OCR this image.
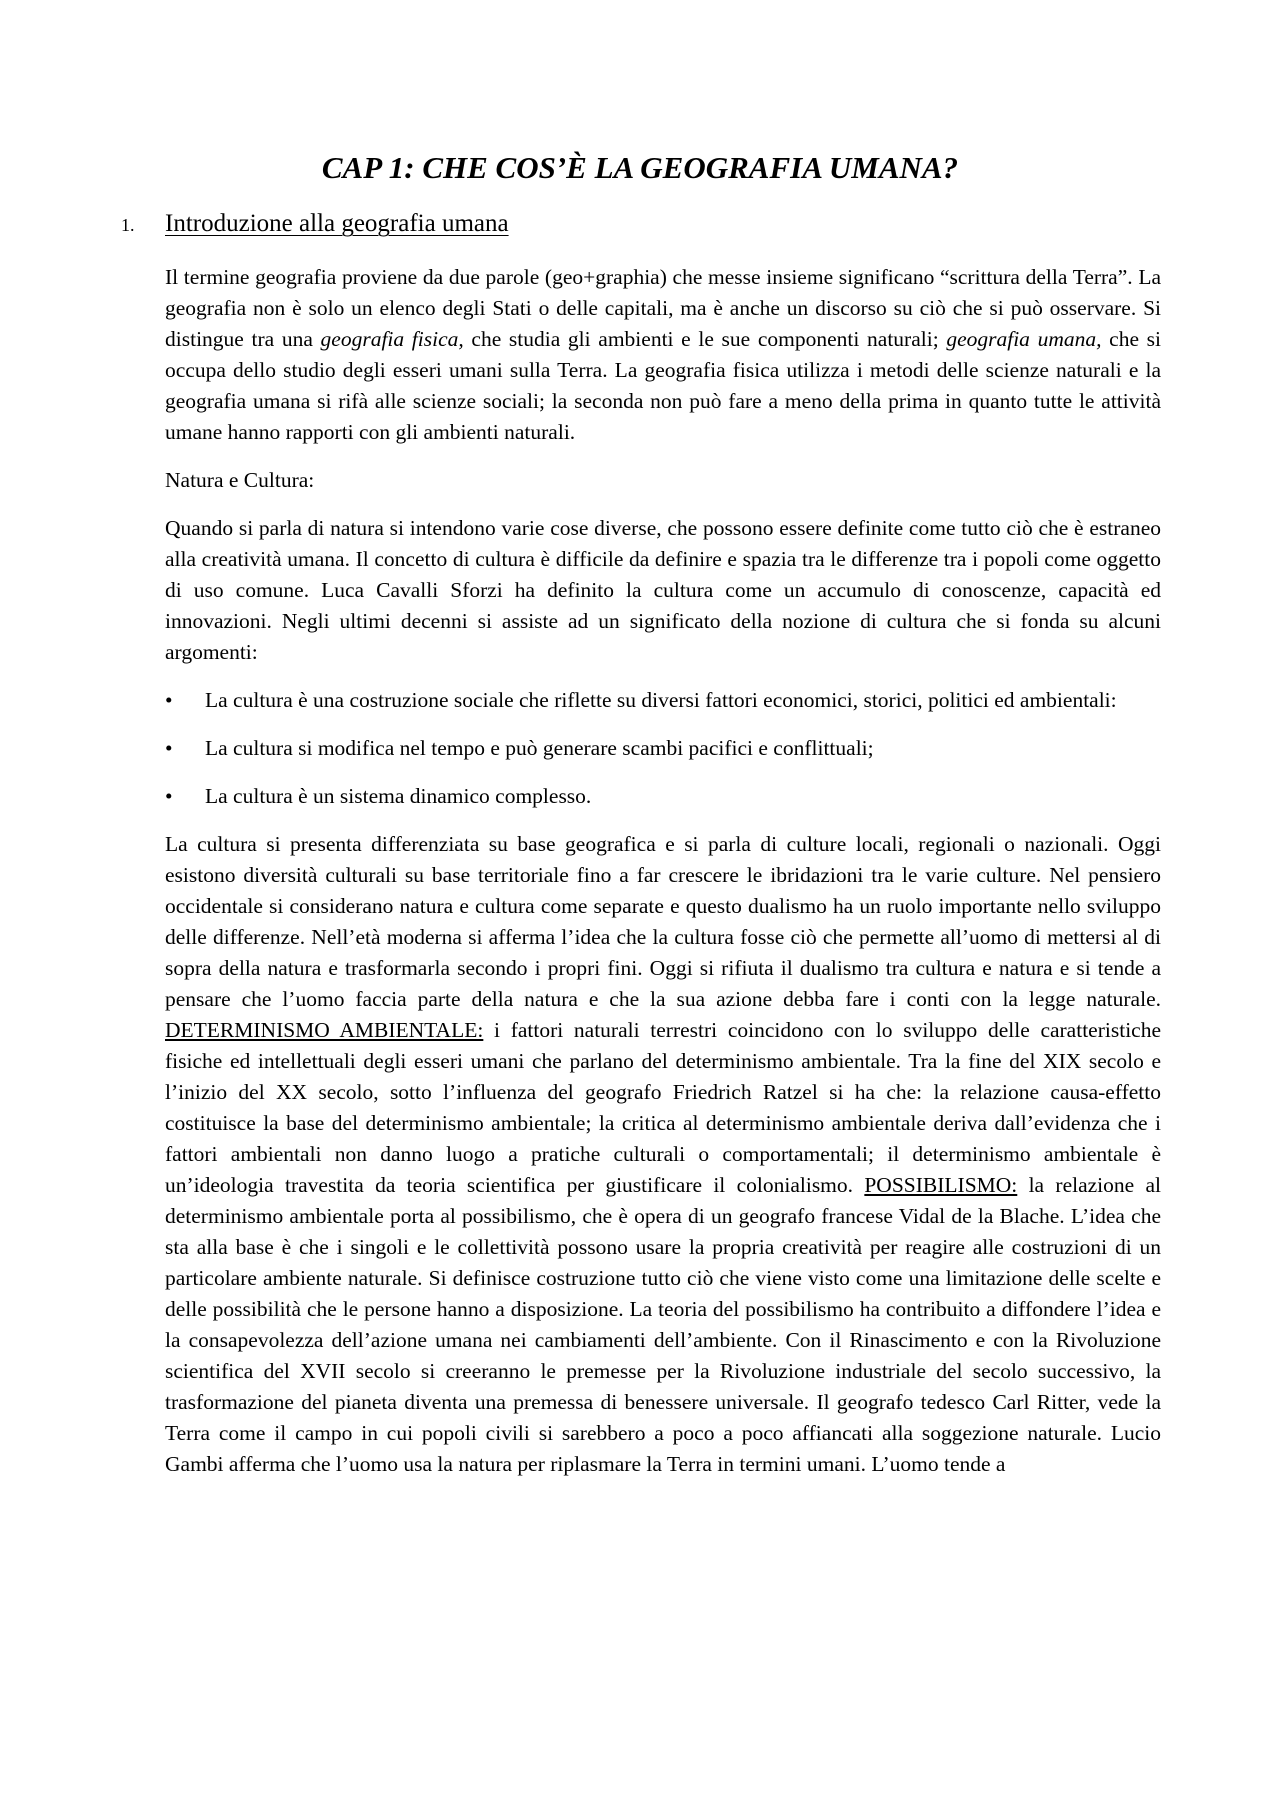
CAP 1: CHE COS’È LA GEOGRAFIA UMANA?
1. Introduzione alla geografia umana

Il termine geografia proviene da due parole (geo+graphia) che messe insieme significano “scrittura della Terra”. La geografia non è solo un elenco degli Stati o delle capitali, ma è anche un discorso su ciò che si può osservare. Si distingue tra una geografia fisica, che studia gli ambienti e le sue componenti naturali; geografia umana, che si occupa dello studio degli esseri umani sulla Terra. La geografia fisica utilizza i metodi delle scienze naturali e la geografia umana si rifà alle scienze sociali; la seconda non può fare a meno della prima in quanto tutte le attività umane hanno rapporti con gli ambienti naturali.

Natura e Cultura:

Quando si parla di natura si intendono varie cose diverse, che possono essere definite come tutto ciò che è estraneo alla creatività umana. Il concetto di cultura è difficile da definire e spazia tra le differenze tra i popoli come oggetto di uso comune. Luca Cavalli Sforzi ha definito la cultura come un accumulo di conoscenze, capacità ed innovazioni. Negli ultimi decenni si assiste ad un significato della nozione di cultura che si fonda su alcuni argomenti:

• La cultura è una costruzione sociale che riflette su diversi fattori economici, storici, politici ed ambientali:
• La cultura si modifica nel tempo e può generare scambi pacifici e conflittuali;
• La cultura è un sistema dinamico complesso.

La cultura si presenta differenziata su base geografica e si parla di culture locali, regionali o nazionali. Oggi esistono diversità culturali su base territoriale fino a far crescere le ibridazioni tra le varie culture. Nel pensiero occidentale si considerano natura e cultura come separate e questo dualismo ha un ruolo importante nello sviluppo delle differenze. Nell’età moderna si afferma l’idea che la cultura fosse ciò che permette all’uomo di mettersi al di sopra della natura e trasformarla secondo i propri fini. Oggi si rifiuta il dualismo tra cultura e natura e si tende a pensare che l’uomo faccia parte della natura e che la sua azione debba fare i conti con la legge naturale. DETERMINISMO AMBIENTALE: i fattori naturali terrestri coincidono con lo sviluppo delle caratteristiche fisiche ed intellettuali degli esseri umani che parlano del determinismo ambientale. Tra la fine del XIX secolo e l’inizio del XX secolo, sotto l’influenza del geografo Friedrich Ratzel si ha che: la relazione causa-effetto costituisce la base del determinismo ambientale; la critica al determinismo ambientale deriva dall’evidenza che i fattori ambientali non danno luogo a pratiche culturali o comportamentali; il determinismo ambientale è un’ideologia travestita da teoria scientifica per giustificare il colonialismo. POSSIBILISMO: la relazione al determinismo ambientale porta al possibilismo, che è opera di un geografo francese Vidal de la Blache. L’idea che sta alla base è che i singoli e le collettività possono usare la propria creatività per reagire alle costruzioni di un particolare ambiente naturale. Si definisce costruzione tutto ciò che viene visto come una limitazione delle scelte e delle possibilità che le persone hanno a disposizione. La teoria del possibilismo ha contribuito a diffondere l’idea e la consapevolezza dell’azione umana nei cambiamenti dell’ambiente. Con il Rinascimento e con la Rivoluzione scientifica del XVII secolo si creeranno le premesse per la Rivoluzione industriale del secolo successivo, la trasformazione del pianeta diventa una premessa di benessere universale. Il geografo tedesco Carl Ritter, vede la Terra come il campo in cui popoli civili si sarebbero a poco a poco affiancati alla soggezione naturale. Lucio Gambi afferma che l’uomo usa la natura per riplasmare la Terra in termini umani. L’uomo tende a
